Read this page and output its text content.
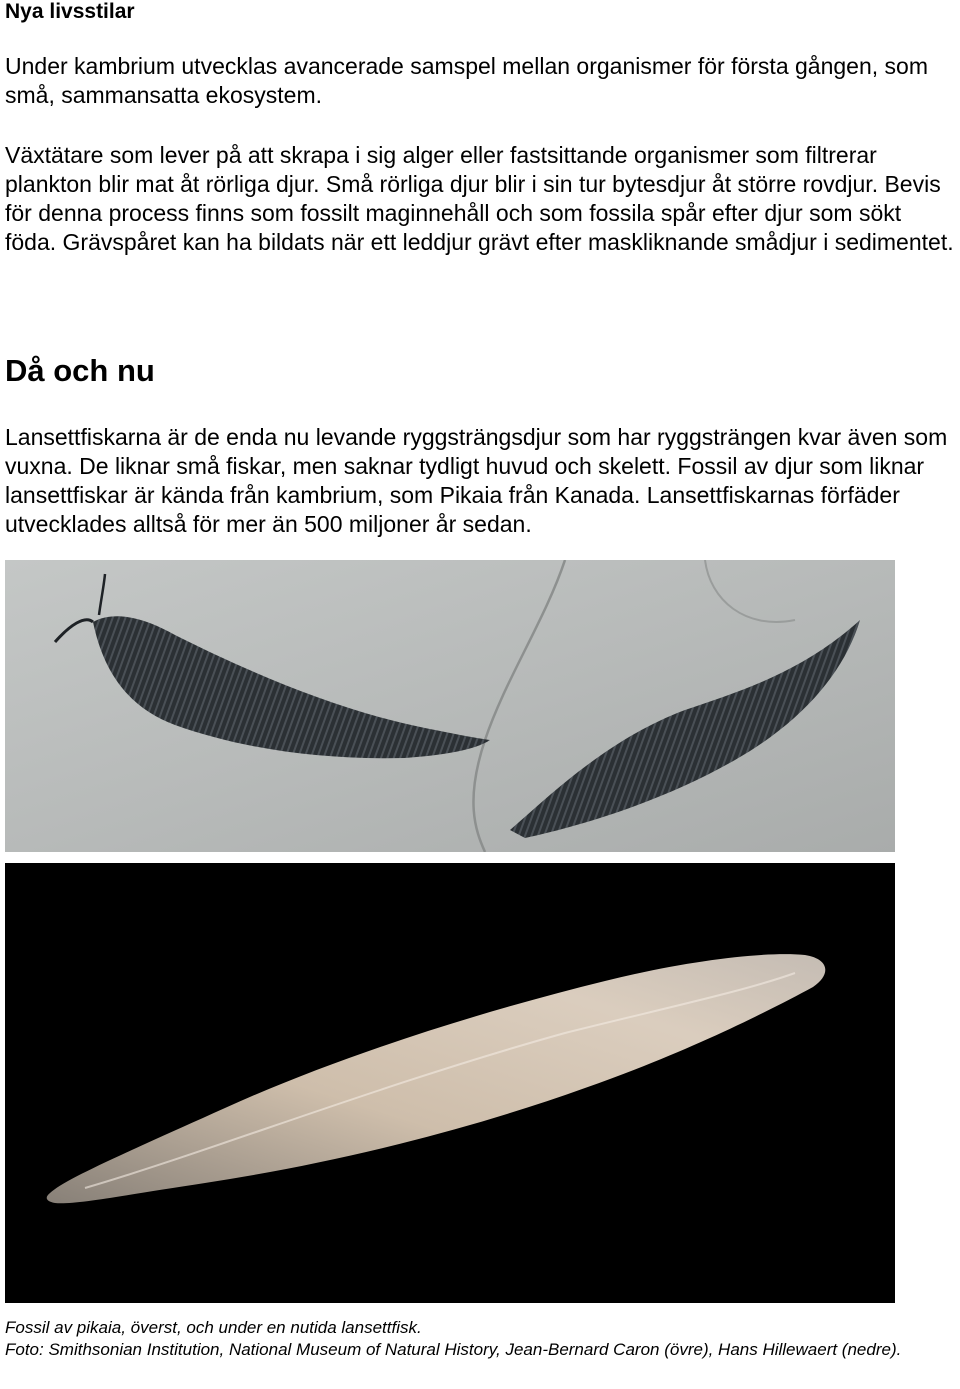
Nya livsstilar

Under kambrium utvecklas avancerade samspel mellan organismer för första gången, som små, sammansatta ekosystem.

Växtätare som lever på att skrapa i sig alger eller fastsittande organismer som filtrerar plankton blir mat åt rörliga djur. Små rörliga djur blir i sin tur bytesdjur åt större rovdjur. Bevis för denna process finns som fossilt maginnehåll och som fossila spår efter djur som sökt föda. Grävspåret kan ha bildats när ett leddjur grävt efter maskliknande smådjur i sedimentet.

Då och nu

Lansettfiskarna är de enda nu levande ryggsträngsdjur som har ryggsträngen kvar även som vuxna. De liknar små fiskar, men saknar tydligt huvud och skelett. Fossil av djur som liknar lansettfiskar är kända från kambrium, som Pikaia från Kanada. Lansettfiskarnas förfäder utvecklades alltså för mer än 500 miljoner år sedan.

Fossil av pikaia, överst, och under en nutida lansettfisk.

Foto: Smithsonian Institution, National Museum of Natural History, Jean-Bernard Caron (övre), Hans Hillewaert (nedre).
